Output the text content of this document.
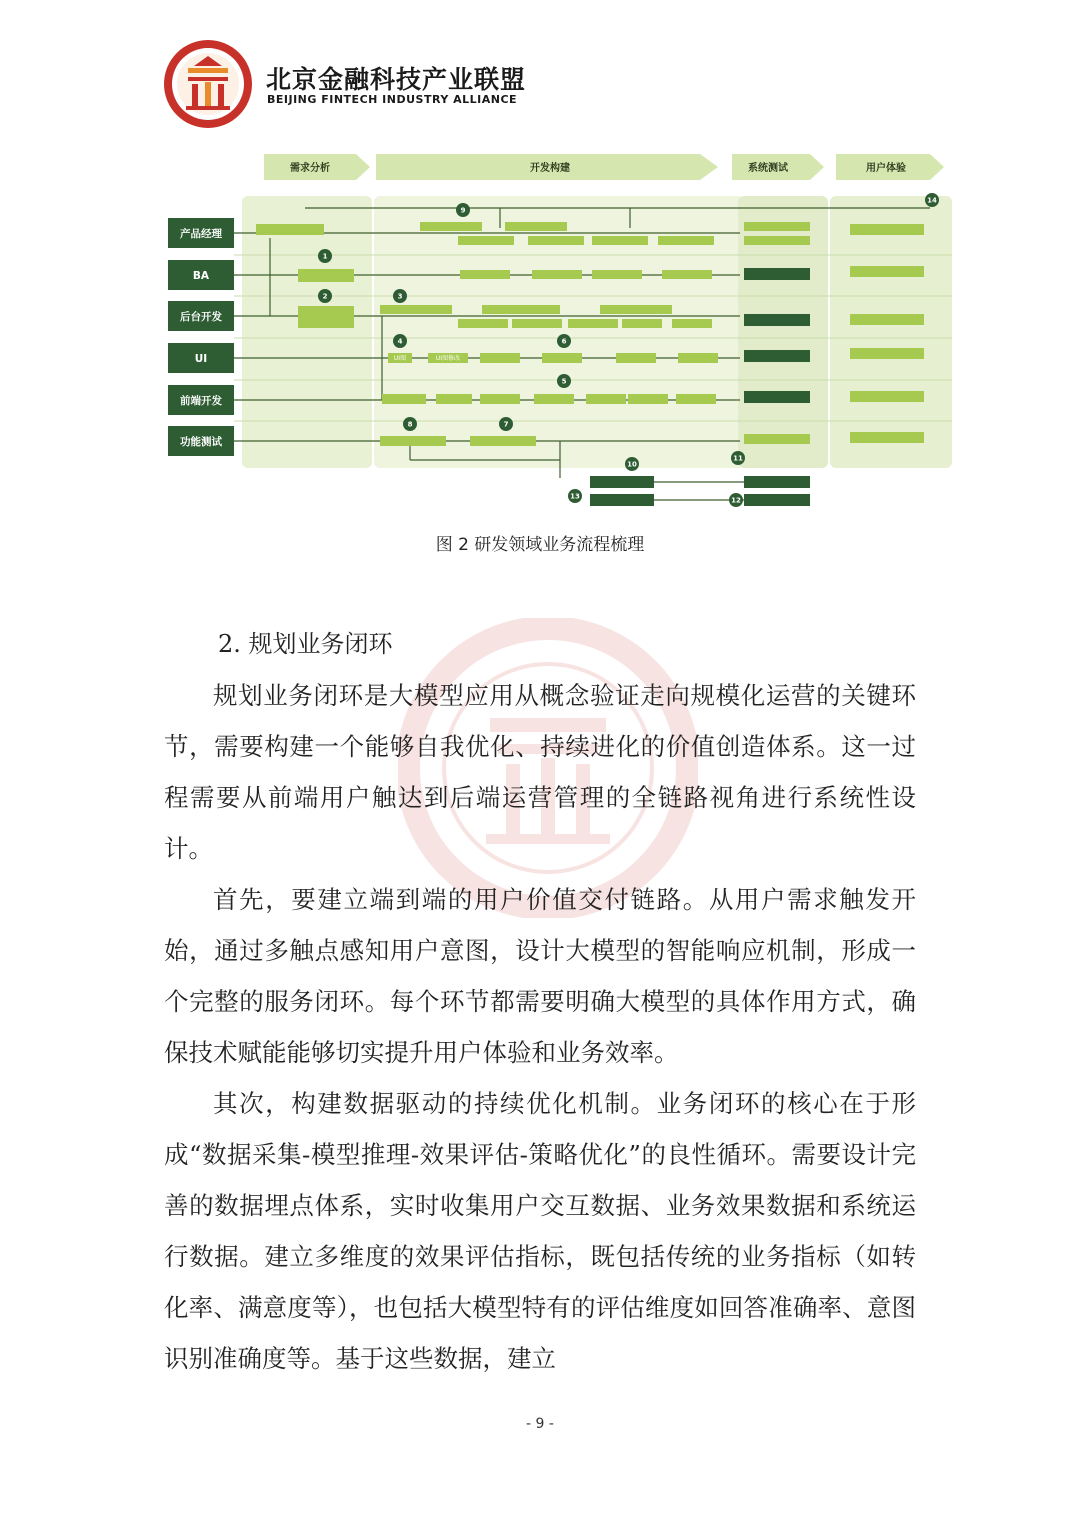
北京金融科技产业联盟
BEIJING FINTECH INDUSTRY ALLIANCE
需求分析	开发构建	系统测试	用户体验
产品经理
BA
后台开发
UI
前端开发
功能测试
UI图	UI图修改
1
2	3
4
5
6
7
8
9
10
11
12
13
14
图 2 研发领域业务流程梳理
2. 规划业务闭环

规划业务闭环是大模型应用从概念验证走向规模化运营的关键环节，需要构建一个能够自我优化、持续进化的价值创造体系。这一过程需要从前端用户触达到后端运营管理的全链路视角进行系统性设计。

首先，要建立端到端的用户价值交付链路。从用户需求触发开始，通过多触点感知用户意图，设计大模型的智能响应机制，形成一个完整的服务闭环。每个环节都需要明确大模型的具体作用方式，确保技术赋能能够切实提升用户体验和业务效率。

其次，构建数据驱动的持续优化机制。业务闭环的核心在于形成“数据采集-模型推理-效果评估-策略优化”的良性循环。需要设计完善的数据埋点体系，实时收集用户交互数据、业务效果数据和系统运行数据。建立多维度的效果评估指标，既包括传统的业务指标（如转化率、满意度等），也包括大模型特有的评估维度如回答准确率、意图识别准确度等。基于这些数据，建立

- 9 -
